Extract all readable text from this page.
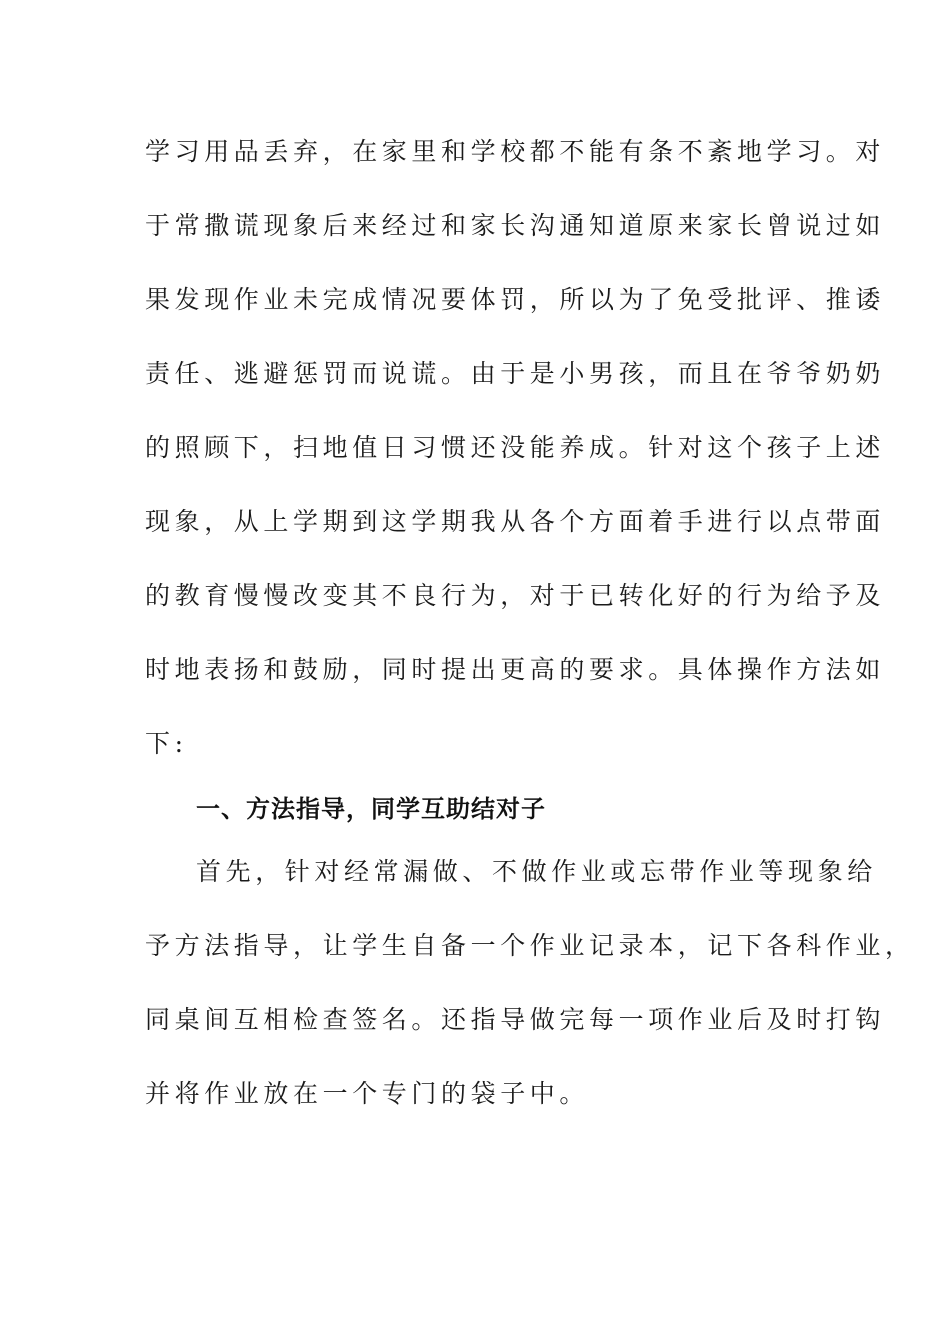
学习用品丢弃，在家里和学校都不能有条不紊地学习。对
于常撒谎现象后来经过和家长沟通知道原来家长曾说过如
果发现作业未完成情况要体罚，所以为了免受批评、推诿
责任、逃避惩罚而说谎。由于是小男孩，而且在爷爷奶奶
的照顾下，扫地值日习惯还没能养成。针对这个孩子上述
现象，从上学期到这学期我从各个方面着手进行以点带面
的教育慢慢改变其不良行为，对于已转化好的行为给予及
时地表扬和鼓励，同时提出更高的要求。具体操作方法如
下:
一、方法指导，同学互助结对子
首先，针对经常漏做、不做作业或忘带作业等现象给
予方法指导，让学生自备一个作业记录本，记下各科作业，
同桌间互相检查签名。还指导做完每一项作业后及时打钩
并将作业放在一个专门的袋子中。
